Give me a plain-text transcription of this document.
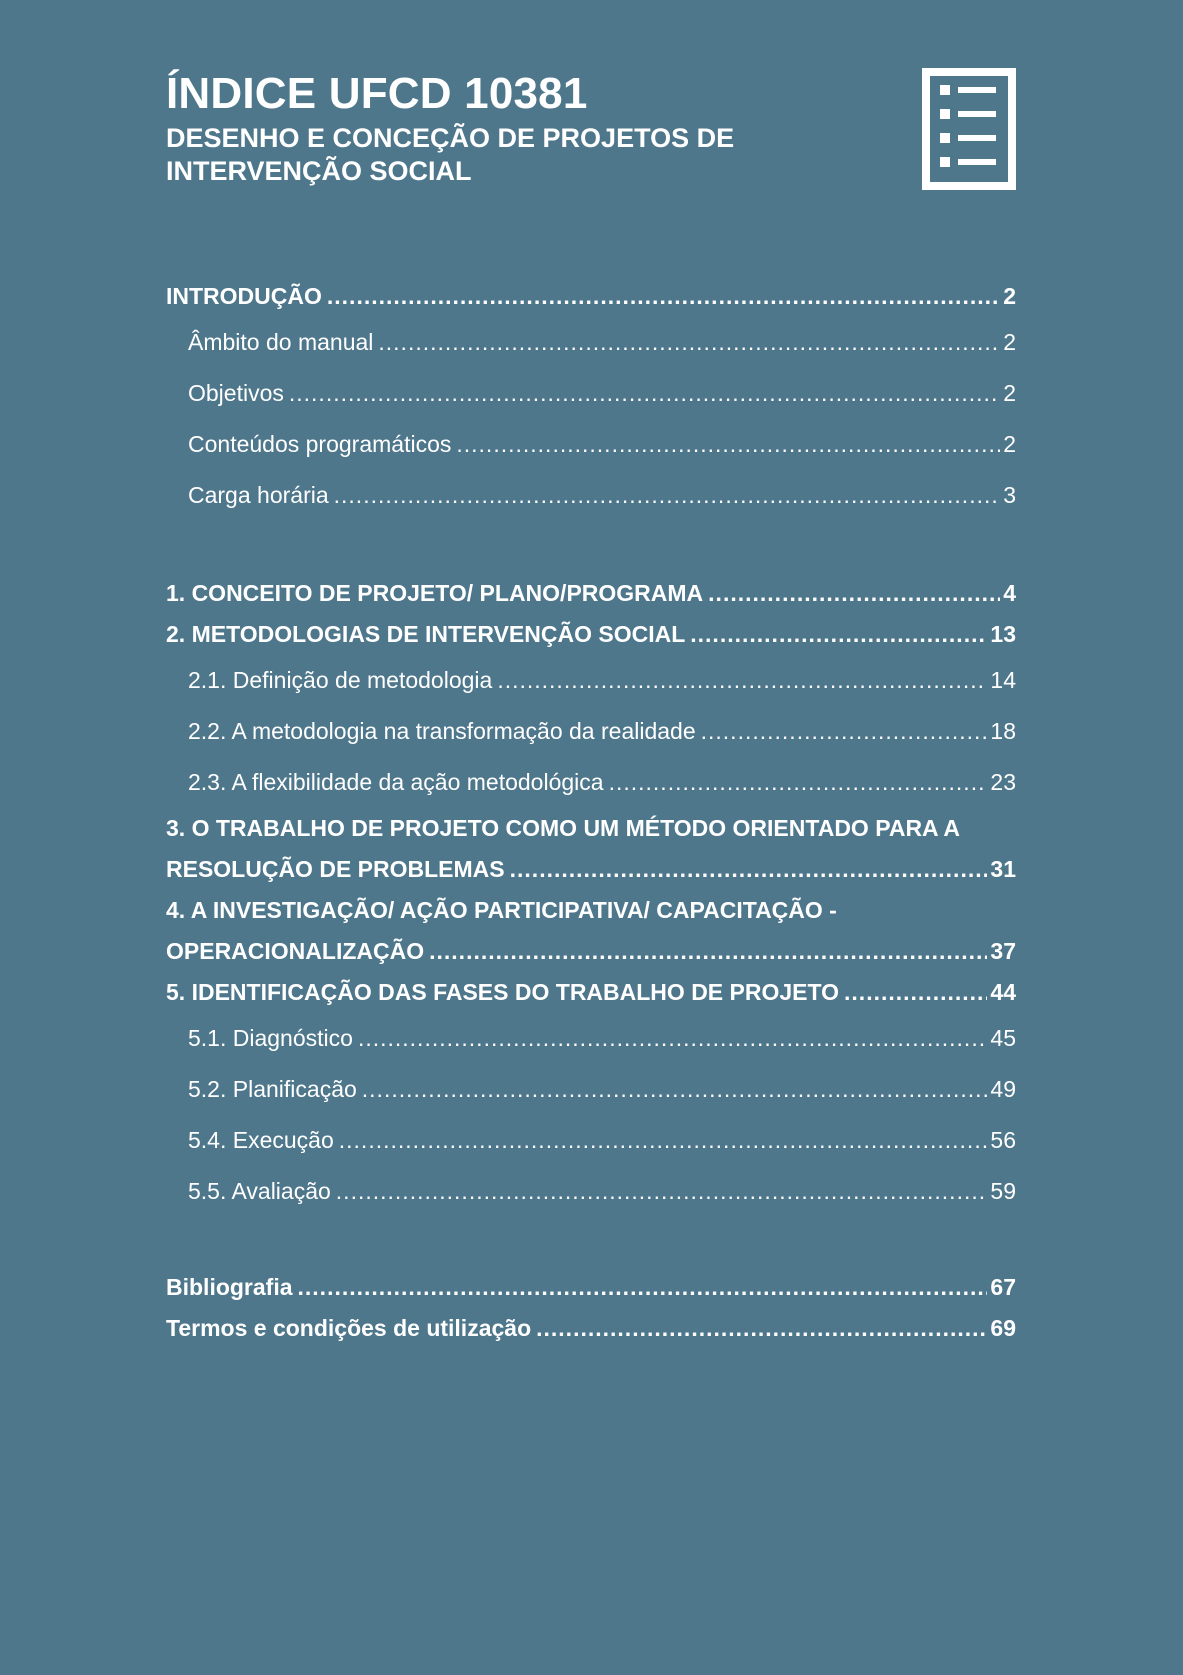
ÍNDICE UFCD 10381

DESENHO E CONCEÇÃO DE PROJETOS DE

INTERVENÇÃO SOCIAL

INTRODUÇÃO .....	2
Âmbito do manual .....	2
Objetivos .....	2
Conteúdos programáticos .....	2
Carga horária .....	3
1. CONCEITO DE PROJETO/ PLANO/PROGRAMA .....	4
2. METODOLOGIAS DE INTERVENÇÃO SOCIAL .....	13
2.1. Definição de metodologia .....	14
2.2. A metodologia na transformação da realidade .....	18
2.3. A flexibilidade da ação metodológica .....	23
3. O TRABALHO DE PROJETO COMO UM MÉTODO ORIENTADO PARA A
RESOLUÇÃO DE PROBLEMAS .....	31
4. A INVESTIGAÇÃO/ AÇÃO PARTICIPATIVA/ CAPACITAÇÃO -
OPERACIONALIZAÇÃO .....	37
5. IDENTIFICAÇÃO DAS FASES DO TRABALHO DE PROJETO .....	44
5.1. Diagnóstico .....	45
5.2. Planificação .....	49
5.4. Execução .....	56
5.5. Avaliação .....	59
Bibliografia .....	67
Termos e condições de utilização .....	69
